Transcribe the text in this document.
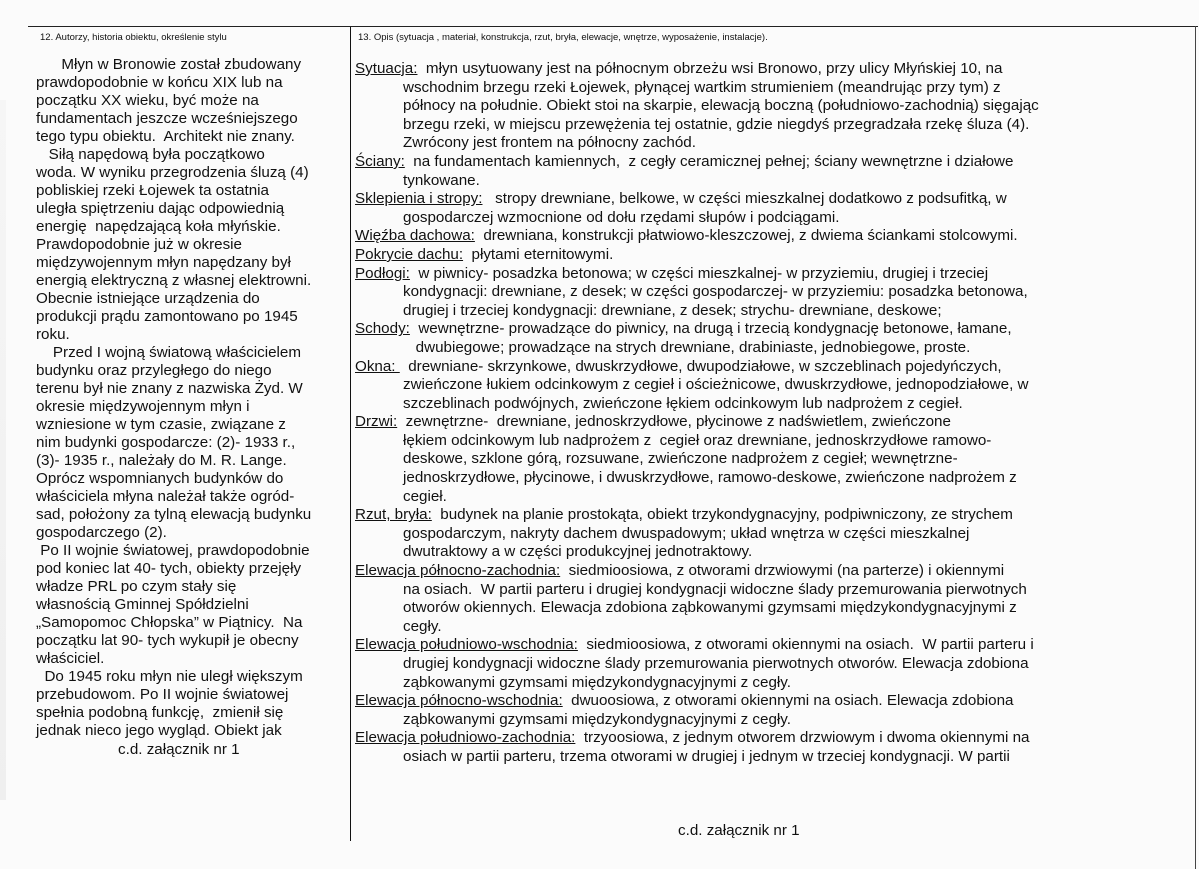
12. Autorzy, historia obiektu, określenie stylu	13. Opis (sytuacja , materiał, konstrukcja, rzut, bryła, elewacje, wnętrze, wyposażenie, instalacje).
Młyn w Bronowie został zbudowany
prawdopodobnie w końcu XIX lub na
początku XX wieku, być może na
fundamentach jeszcze wcześniejszego
tego typu obiektu.  Architekt nie znany.
Siłą napędową była początkowo
woda. W wyniku przegrodzenia śluzą (4)
pobliskiej rzeki Łojewek ta ostatnia
uległa spiętrzeniu dając odpowiednią
energię  napędzającą koła młyńskie.
Prawdopodobnie już w okresie
międzywojennym młyn napędzany był
energią elektryczną z własnej elektrowni.
Obecnie istniejące urządzenia do
produkcji prądu zamontowano po 1945
roku.
Przed I wojną światową właścicielem
budynku oraz przyległego do niego
terenu był nie znany z nazwiska Żyd. W
okresie międzywojennym młyn i
wzniesione w tym czasie, związane z
nim budynki gospodarcze: (2)- 1933 r.,
(3)- 1935 r., należały do M. R. Lange.
Oprócz wspomnianych budynków do
właściciela młyna należał także ogród-
sad, położony za tylną elewacją budynku
gospodarczego (2).
Po II wojnie światowej, prawdopodobnie
pod koniec lat 40- tych, obiekty przejęły
władze PRL po czym stały się
własnością Gminnej Spółdzielni
„Samopomoc Chłopska” w Piątnicy.  Na
początku lat 90- tych wykupił je obecny
właściciel.
Do 1945 roku młyn nie uległ większym
przebudowom. Po II wojnie światowej
spełnia podobną funkcję,  zmienił się
jednak nieco jego wygląd. Obiekt jak
c.d. załącznik nr 1
Sytuacja:  młyn usytuowany jest na północnym obrzeżu wsi Bronowo, przy ulicy Młyńskiej 10, na
wschodnim brzegu rzeki Łojewek, płynącej wartkim strumieniem (meandrując przy tym) z
północy na południe. Obiekt stoi na skarpie, elewacją boczną (południowo-zachodnią) sięgając
brzegu rzeki, w miejscu przewężenia tej ostatnie, gdzie niegdyś przegradzała rzekę śluza (4).
Zwrócony jest frontem na północny zachód.
Ściany:  na fundamentach kamiennych,  z cegły ceramicznej pełnej; ściany wewnętrzne i działowe
tynkowane.
Sklepienia i stropy:   stropy drewniane, belkowe, w części mieszkalnej dodatkowo z podsufitką, w
gospodarczej wzmocnione od dołu rzędami słupów i podciągami.
Więźba dachowa:  drewniana, konstrukcji płatwiowo-kleszczowej, z dwiema ściankami stolcowymi.
Pokrycie dachu:  płytami eternitowymi.
Podłogi:  w piwnicy- posadzka betonowa; w części mieszkalnej- w przyziemiu, drugiej i trzeciej
kondygnacji: drewniane, z desek; w części gospodarczej- w przyziemiu: posadzka betonowa,
drugiej i trzeciej kondygnacji: drewniane, z desek; strychu- drewniane, deskowe;
Schody:  wewnętrzne- prowadzące do piwnicy, na drugą i trzecią kondygnację betonowe, łamane,
dwubiegowe; prowadzące na strych drewniane, drabiniaste, jednobiegowe, proste.
Okna:   drewniane- skrzynkowe, dwuskrzydłowe, dwupodziałowe, w szczeblinach pojedyńczych,
zwieńczone łukiem odcinkowym z cegieł i ościeżnicowe, dwuskrzydłowe, jednopodziałowe, w
szczeblinach podwójnych, zwieńczone łękiem odcinkowym lub nadprożem z cegieł.
Drzwi:  zewnętrzne-  drewniane, jednoskrzydłowe, płycinowe z nadświetlem, zwieńczone
łękiem odcinkowym lub nadprożem z  cegieł oraz drewniane, jednoskrzydłowe ramowo-
deskowe, szklone górą, rozsuwane, zwieńczone nadprożem z cegieł; wewnętrzne-
jednoskrzydłowe, płycinowe, i dwuskrzydłowe, ramowo-deskowe, zwieńczone nadprożem z
cegieł.
Rzut, bryła:  budynek na planie prostokąta, obiekt trzykondygnacyjny, podpiwniczony, ze strychem
gospodarczym, nakryty dachem dwuspadowym; układ wnętrza w części mieszkalnej
dwutraktowy a w części produkcyjnej jednotraktowy.
Elewacja północno-zachodnia:  siedmioosiowa, z otworami drzwiowymi (na parterze) i okiennymi
na osiach.  W partii parteru i drugiej kondygnacji widoczne ślady przemurowania pierwotnych
otworów okiennych. Elewacja zdobiona ząbkowanymi gzymsami międzykondygnacyjnymi z
cegły.
Elewacja południowo-wschodnia:  siedmioosiowa, z otworami okiennymi na osiach.  W partii parteru i
drugiej kondygnacji widoczne ślady przemurowania pierwotnych otworów. Elewacja zdobiona
ząbkowanymi gzymsami międzykondygnacyjnymi z cegły.
Elewacja północno-wschodnia:  dwuoosiowa, z otworami okiennymi na osiach. Elewacja zdobiona
ząbkowanymi gzymsami międzykondygnacyjnymi z cegły.
Elewacja południowo-zachodnia:  trzyoosiowa, z jednym otworem drzwiowym i dwoma okiennymi na
osiach w partii parteru, trzema otworami w drugiej i jednym w trzeciej kondygnacji. W partii
c.d. załącznik nr 1
